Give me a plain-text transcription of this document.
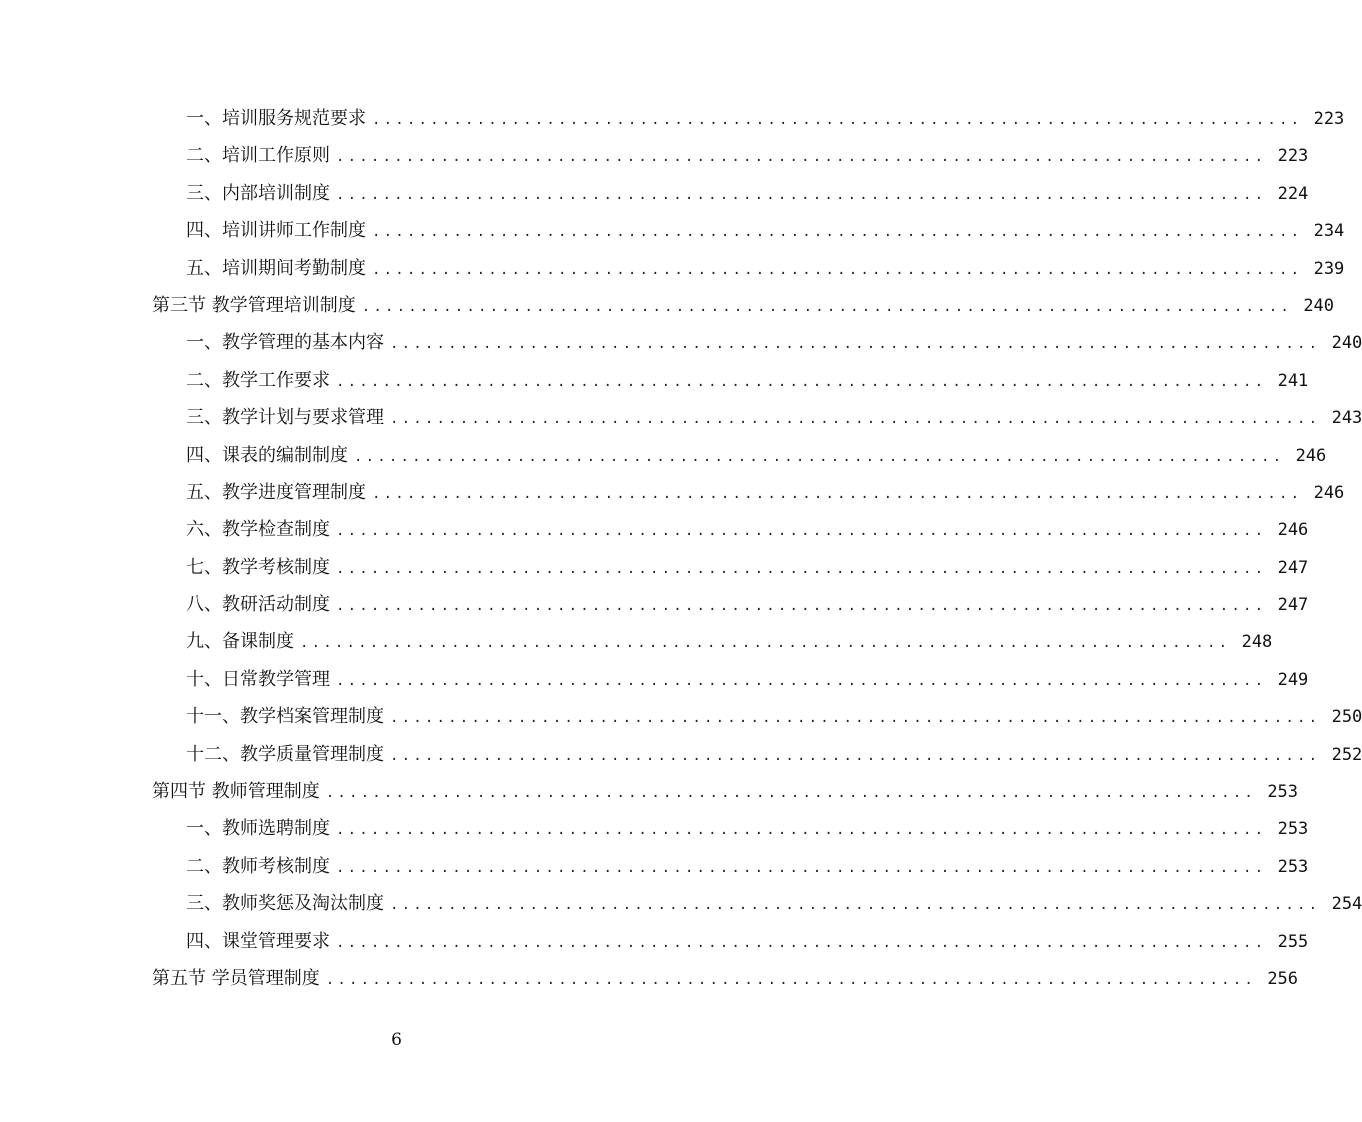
一、培训服务规范要求 ................................................................................ 223
二、培训工作原则 ................................................................................ 223
三、内部培训制度 ................................................................................ 224
四、培训讲师工作制度 ................................................................................ 234
五、培训期间考勤制度 ................................................................................ 239
第三节 教学管理培训制度 ................................................................................ 240
一、教学管理的基本内容 ................................................................................ 240
二、教学工作要求 ................................................................................ 241
三、教学计划与要求管理 ................................................................................ 243
四、课表的编制制度 ................................................................................ 246
五、教学进度管理制度 ................................................................................ 246
六、教学检查制度 ................................................................................ 246
七、教学考核制度 ................................................................................ 247
八、教研活动制度 ................................................................................ 247
九、备课制度 ................................................................................ 248
十、日常教学管理 ................................................................................ 249
十一、教学档案管理制度 ................................................................................ 250
十二、教学质量管理制度 ................................................................................ 252
第四节 教师管理制度 ................................................................................ 253
一、教师选聘制度 ................................................................................ 253
二、教师考核制度 ................................................................................ 253
三、教师奖惩及淘汰制度 ................................................................................ 254
四、课堂管理要求 ................................................................................ 255
第五节 学员管理制度 ................................................................................ 256
6
